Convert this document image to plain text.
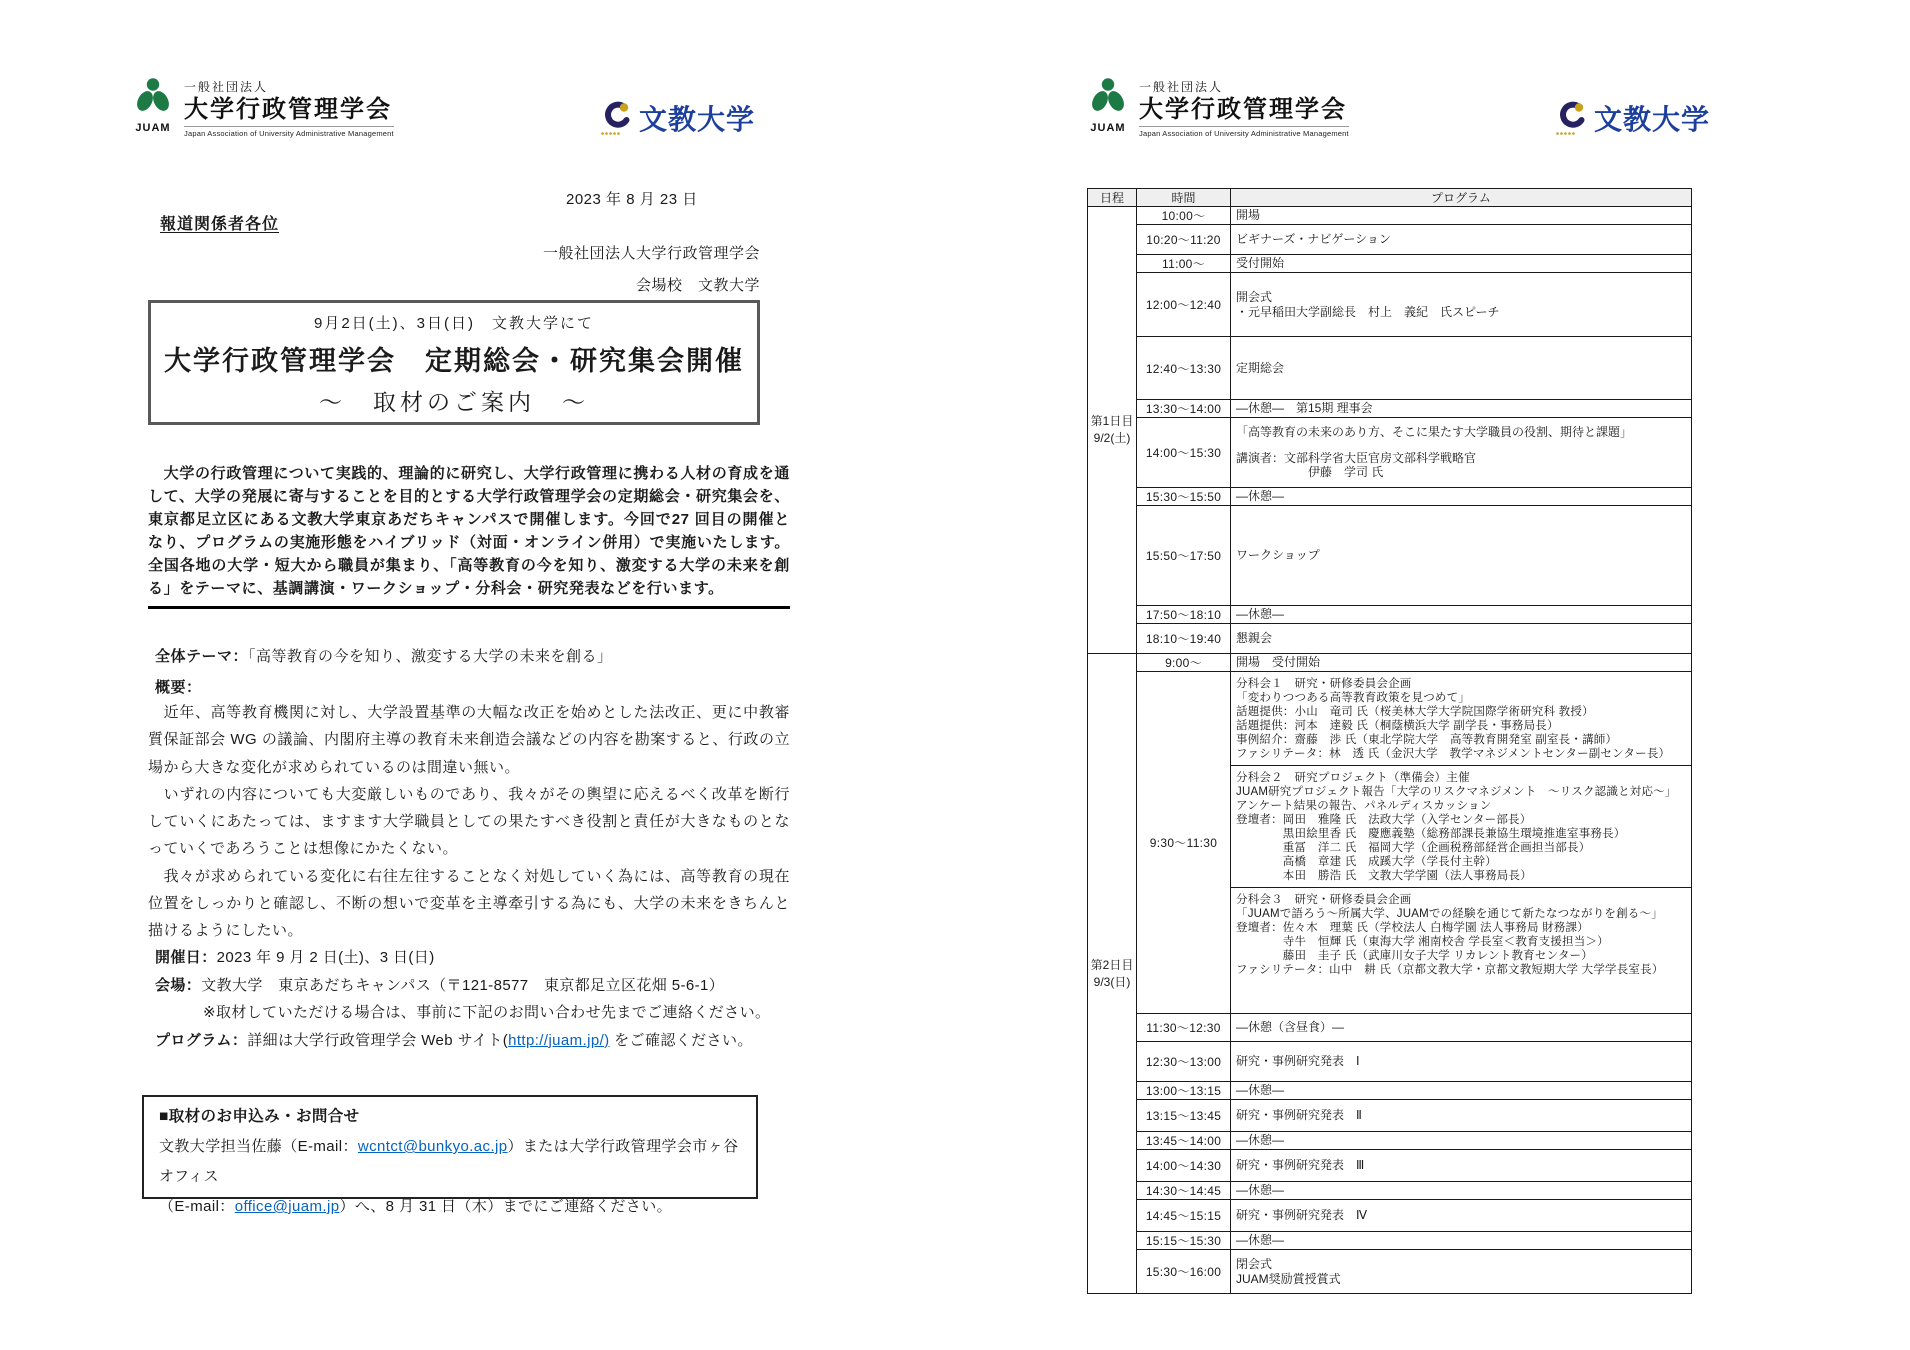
JUAM
一般社団法人
大学行政管理学会
Japan Association of University Administrative Management	文教大学
2023 年 8 月 23 日
報道関係者各位
一般社団法人大学行政管理学会
会場校　文教大学
9月2日(土)、3日(日)　文教大学にて
大学行政管理学会　定期総会・研究集会開催
～　取材のご案内　～

　大学の行政管理について実践的、理論的に研究し、大学行政管理に携わる人材の育成を通して、大学の発展に寄与することを目的とする大学行政管理学会の定期総会・研究集会を、東京都足立区にある文教大学東京あだちキャンパスで開催します。今回で27 回目の開催となり、プログラムの実施形態をハイブリッド（対面・オンライン併用）で実施いたします。全国各地の大学・短大から職員が集まり、「高等教育の今を知り、激変する大学の未来を創る」をテーマに、基調講演・ワークショップ・分科会・研究発表などを行います。

全体テーマ：「高等教育の今を知り、激変する大学の未来を創る」
概要：

　近年、高等教育機関に対し、大学設置基準の大幅な改正を始めとした法改正、更に中教審質保証部会 WG の議論、内閣府主導の教育未来創造会議などの内容を勘案すると、行政の立場から大きな変化が求められているのは間違い無い。

　いずれの内容についても大変厳しいものであり、我々がその輿望に応えるべく改革を断行していくにあたっては、ますます大学職員としての果たすべき役割と責任が大きなものとなっていくであろうことは想像にかたくない。

　我々が求められている変化に右往左往することなく対処していく為には、高等教育の現在位置をしっかりと確認し、不断の想いで変革を主導牽引する為にも、大学の未来をきちんと描けるようにしたい。

開催日：2023 年 9 月 2 日(土)、3 日(日)
会場：文教大学　東京あだちキャンパス（〒121-8577　東京都足立区花畑 5-6-1）
※取材していただける場合は、事前に下記のお問い合わせ先までご連絡ください。
プログラム：詳細は大学行政管理学会 Web サイト(http://juam.jp/) をご確認ください。
■取材のお申込み・お問合せ
文教大学担当佐藤（E-mail：wcntct@bunkyo.ac.jp）または大学行政管理学会市ヶ谷オフィス
（E-mail：office@juam.jp）へ、8 月 31 日（木）までにご連絡ください。
JUAM
一般社団法人
大学行政管理学会
Japan Association of University Administrative Management	文教大学
日程	時間	プログラム
第1日目
9/2(土)	10:00～	開場

	10:20～11:20	ビギナーズ・ナビゲーション

	11:00～	受付開始

	12:00～12:40	開会式
・元早稲田大学副総長　村上　義紀　氏スピーチ

	12:40～13:30	定期総会

	13:30～14:00	―休憩―　第15期 理事会

	14:00～15:30	「高等教育の未来のあり方、そこに果たす大学職員の役割、期待と課題」
講演者：文部科学省大臣官房文部科学戦略官
　　　　　　伊藤　学司 氏

	15:30～15:50	―休憩―

	15:50～17:50	ワークショップ

	17:50～18:10	―休憩―

	18:10～19:40	懇親会

第2日目
9/3(日)	9:00～	開場　受付開始

9:30～11:30	
分科会１　研究・研修委員会企画
「変わりつつある高等教育政策を見つめて」
話題提供：小山　竜司 氏（桜美林大学大学院国際学術研究科 教授）
話題提供：河本　達毅 氏（桐蔭横浜大学 副学長・事務局長）
事例紹介：齋藤　渉 氏（東北学院大学　高等教育開発室 副室長・講師）
ファシリテータ：林　透 氏（金沢大学　教学マネジメントセンター副センター長）
分科会２　研究プロジェクト（準備会）主催
JUAM研究プロジェクト報告「大学のリスクマネジメント　～リスク認識と対応～」
アンケート結果の報告、パネルディスカッション
登壇者：岡田　雅隆 氏　法政大学（入学センター部長）
　　　　黒田絵里香 氏　慶應義塾（総務部課長兼協生環境推進室事務長）
　　　　重冨　洋二 氏　福岡大学（企画税務部経営企画担当部長）
　　　　高橋　章建 氏　成蹊大学（学長付主幹）
　　　　本田　勝浩 氏　文教大学学園（法人事務局長）
分科会３　研究・研修委員会企画
「JUAMで語ろう～所属大学、JUAMでの経験を通じて新たなつながりを創る～」
登壇者：佐々木　理葉 氏（学校法人 白梅学園 法人事務局 財務課）
　　　　寺牛　恒輝 氏（東海大学 湘南校舎 学長室＜教育支援担当＞）
　　　　藤田　圭子 氏（武庫川女子大学 リカレント教育センター）
ファシリテータ：山中　耕 氏（京都文教大学・京都文教短期大学 大学学長室長）

	11:30～12:30	―休憩（含昼食）―

	12:30～13:00	研究・事例研究発表　Ⅰ

	13:00～13:15	―休憩―

	13:15～13:45	研究・事例研究発表　Ⅱ

	13:45～14:00	―休憩―

	14:00～14:30	研究・事例研究発表　Ⅲ

	14:30～14:45	―休憩―

	14:45～15:15	研究・事例研究発表　Ⅳ

	15:15～15:30	―休憩―

	15:30～16:00	閉会式
JUAM奨励賞授賞式
